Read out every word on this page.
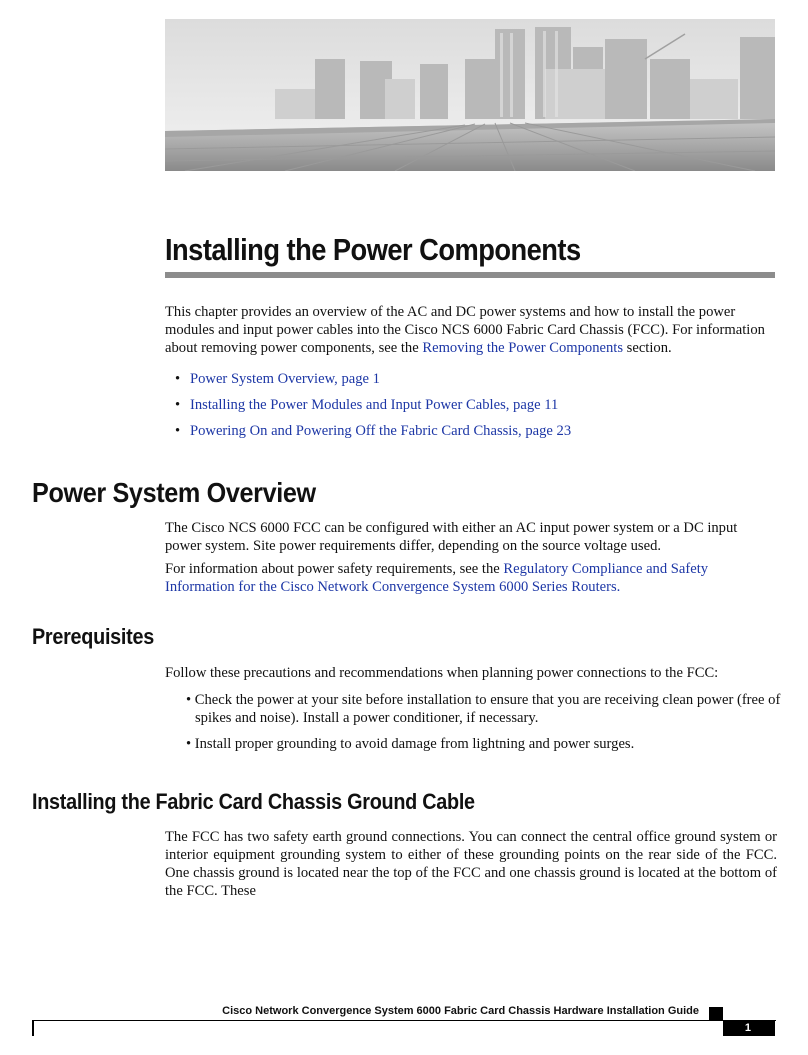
Installing the Power Components

This chapter provides an overview of the AC and DC power systems and how to install the power modules and input power cables into the Cisco NCS 6000 Fabric Card Chassis (FCC). For information about removing power components, see the Removing the Power Components section.

• Power System Overview, page 1
• Installing the Power Modules and Input Power Cables, page 11
• Powering On and Powering Off the Fabric Card Chassis, page 23
Power System Overview

The Cisco NCS 6000 FCC can be configured with either an AC input power system or a DC input power system. Site power requirements differ, depending on the source voltage used.

For information about power safety requirements, see the Regulatory Compliance and Safety Information for the Cisco Network Convergence System 6000 Series Routers.

Prerequisites

Follow these precautions and recommendations when planning power connections to the FCC:

• Check the power at your site before installation to ensure that you are receiving clean power (free of spikes and noise). Install a power conditioner, if necessary.

• Install proper grounding to avoid damage from lightning and power surges.

Installing the Fabric Card Chassis Ground Cable

The FCC has two safety earth ground connections. You can connect the central office ground system or interior equipment grounding system to either of these grounding points on the rear side of the FCC. One chassis ground is located near the top of the FCC and one chassis ground is located at the bottom of the FCC. These

Cisco Network Convergence System 6000 Fabric Card Chassis Hardware Installation Guide
1
